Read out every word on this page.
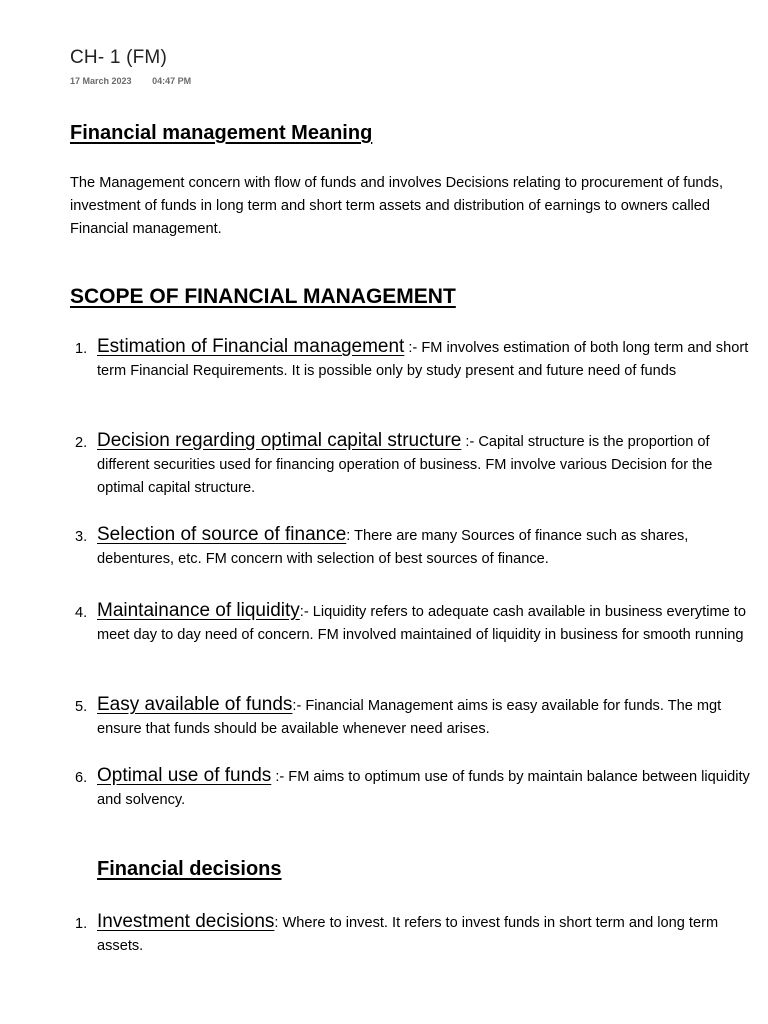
CH- 1 (FM)
17 March 2023 04:47 PM
Financial management Meaning
The Management concern with flow of funds and involves Decisions relating to procurement of funds, investment of funds in long term and short term assets and distribution of earnings to owners called Financial management.
SCOPE OF FINANCIAL MANAGEMENT
1. Estimation of Financial management :- FM involves estimation of both long term and short term Financial Requirements. It is possible only by study present and future need of funds
2. Decision regarding optimal capital structure :- Capital structure is the proportion of different securities used for financing operation of business. FM involve various Decision for the optimal capital structure.
3. Selection of source of finance: There are many Sources of finance such as shares, debentures, etc. FM concern with selection of best sources of finance.
4. Maintainance of liquidity:- Liquidity refers to adequate cash available in business everytime to meet day to day need of concern. FM involved maintained of liquidity in business for smooth running
5. Easy available of funds:- Financial Management aims is easy available for funds. The mgt ensure that funds should be available whenever need arises.
6. Optimal use of funds :- FM aims to optimum use of funds by maintain balance between liquidity and solvency.
Financial decisions
1. Investment decisions: Where to invest. It refers to invest funds in short term and long term assets.
